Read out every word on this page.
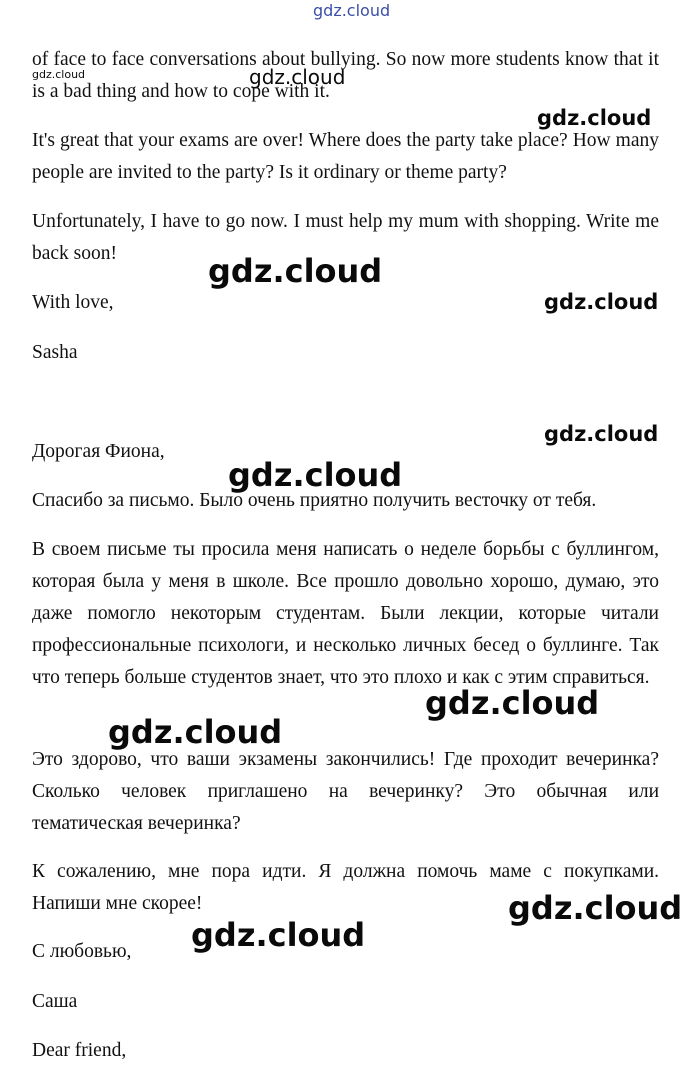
gdz.cloud
gdz.cloud	gdz.cloud
gdz.cloud
gdz.cloud
gdz.cloud
gdz.cloud
gdz.cloud
gdz.cloud
gdz.cloud
gdz.cloud
gdz.cloud

of face to face conversations about bullying. So now more students know that it is a bad thing and how to cope with it.

It's great that your exams are over! Where does the party take place? How many people are invited to the party? Is it ordinary or theme party?

Unfortunately, I have to go now. I must help my mum with shopping. Write me back soon!

With love,

Sasha

Дорогая Фиона,

Спасибо за письмо. Было очень приятно получить весточку от тебя.

В своем письме ты просила меня написать о неделе борьбы с буллингом, которая была у меня в школе. Все прошло довольно хорошо, думаю, это даже помогло некоторым студентам. Были лекции, которые читали профессиональные психологи, и несколько личных бесед о буллинге. Так что теперь больше студентов знает, что это плохо и как с этим справиться.

Это здорово, что ваши экзамены закончились! Где проходит вечеринка? Сколько человек приглашено на вечеринку? Это обычная или тематическая вечеринка?

К сожалению, мне пора идти. Я должна помочь маме с покупками. Напиши мне скорее!

С любовью,

Саша

Dear friend,
